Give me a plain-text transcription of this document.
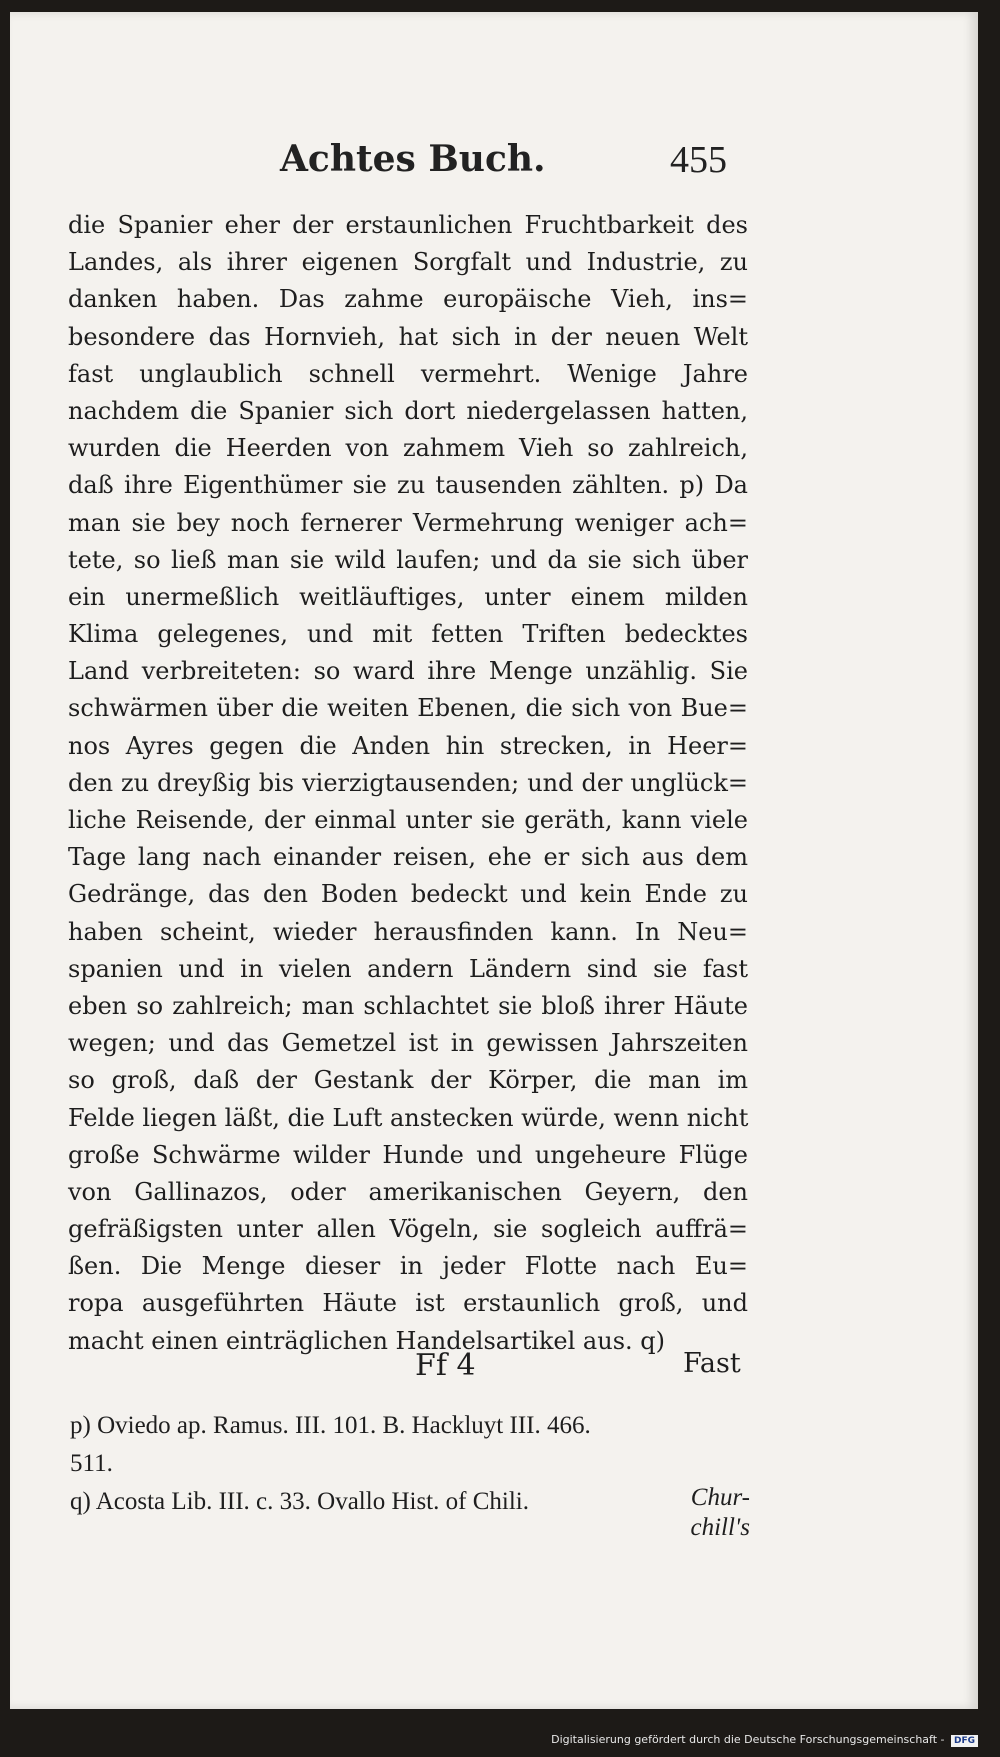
Achtes Buch.	455
die Spanier eher der erstaunlichen Fruchtbarkeit des
Landes, als ihrer eigenen Sorgfalt und Industrie, zu
danken haben. Das zahme europäische Vieh, ins=
besondere das Hornvieh, hat sich in der neuen Welt
fast unglaublich schnell vermehrt. Wenige Jahre
nachdem die Spanier sich dort niedergelassen hatten,
wurden die Heerden von zahmem Vieh so zahlreich,
daß ihre Eigenthümer sie zu tausenden zählten. p) Da
man sie bey noch fernerer Vermehrung weniger ach=
tete, so ließ man sie wild laufen; und da sie sich über
ein unermeßlich weitläuftiges, unter einem milden
Klima gelegenes, und mit fetten Triften bedecktes
Land verbreiteten: so ward ihre Menge unzählig. Sie
schwärmen über die weiten Ebenen, die sich von Bue=
nos Ayres gegen die Anden hin strecken, in Heer=
den zu dreyßig bis vierzigtausenden; und der unglück=
liche Reisende, der einmal unter sie geräth, kann viele
Tage lang nach einander reisen, ehe er sich aus dem
Gedränge, das den Boden bedeckt und kein Ende zu
haben scheint, wieder herausfinden kann. In Neu=
spanien und in vielen andern Ländern sind sie fast
eben so zahlreich; man schlachtet sie bloß ihrer Häute
wegen; und das Gemetzel ist in gewissen Jahrszeiten
so groß, daß der Gestank der Körper, die man im
Felde liegen läßt, die Luft anstecken würde, wenn nicht
große Schwärme wilder Hunde und ungeheure Flüge
von Gallinazos, oder amerikanischen Geyern, den
gefräßigsten unter allen Vögeln, sie sogleich auffrä=
ßen. Die Menge dieser in jeder Flotte nach Eu=
ropa ausgeführten Häute ist erstaunlich groß, und
macht einen einträglichen Handelsartikel aus. q)
Ff 4	Fast
p) Oviedo ap. Ramus. III. 101. B. Hackluyt III. 466.
511.
q) Acosta Lib. III. c. 33. Ovallo Hist. of Chili.	Chur-
chill's
Digitalisierung gefördert durch die Deutsche Forschungsgemeinschaft - DFG
